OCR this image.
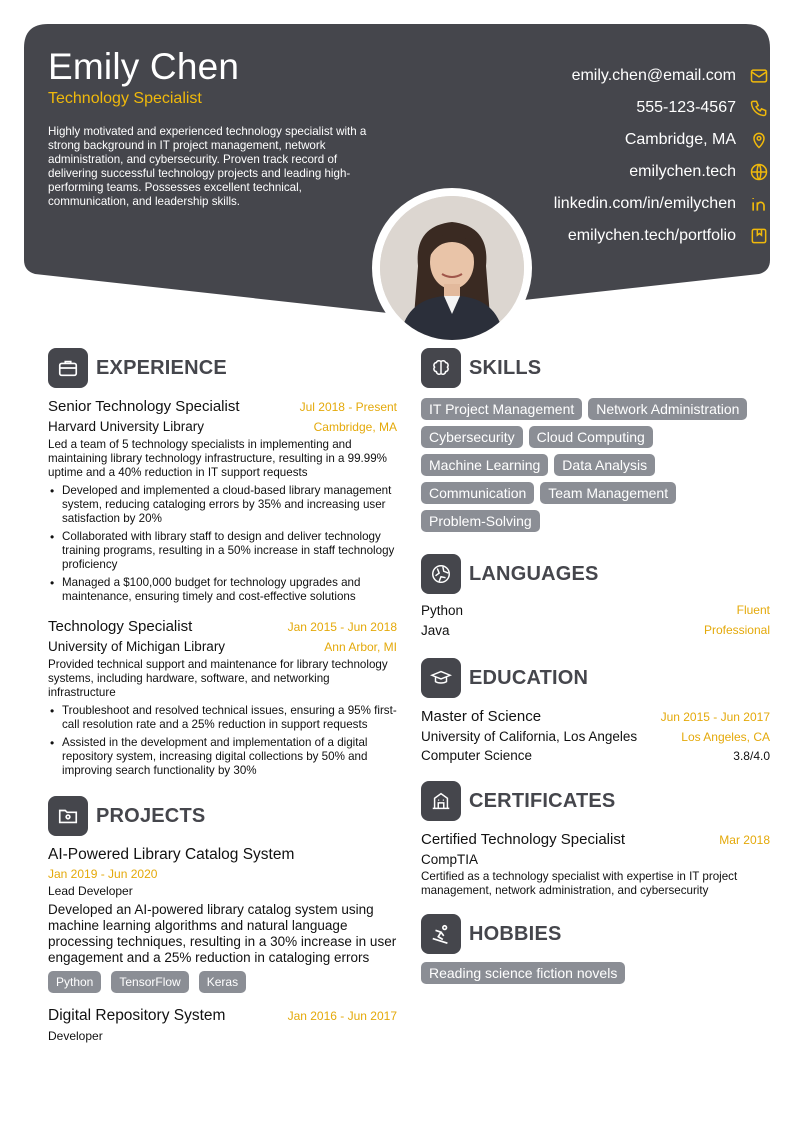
Emily Chen
Technology Specialist
Highly motivated and experienced technology specialist with a strong background in IT project management, network administration, and cybersecurity. Proven track record of delivering successful technology projects and leading high-performing teams. Possesses excellent technical, communication, and leadership skills.
emily.chen@email.com
555-123-4567
Cambridge, MA
emilychen.tech
linkedin.com/in/emilychen
emilychen.tech/portfolio
EXPERIENCE
Senior Technology Specialist	Jul 2018 - Present
Harvard University Library	Cambridge, MA
Led a team of 5 technology specialists in implementing and maintaining library technology infrastructure, resulting in a 99.99% uptime and a 40% reduction in IT support requests
• Developed and implemented a cloud-based library management system, reducing cataloging errors by 35% and increasing user satisfaction by 20%
• Collaborated with library staff to design and deliver technology training programs, resulting in a 50% increase in staff technology proficiency
• Managed a $100,000 budget for technology upgrades and maintenance, ensuring timely and cost-effective solutions
Technology Specialist	Jan 2015 - Jun 2018
University of Michigan Library	Ann Arbor, MI
Provided technical support and maintenance for library technology systems, including hardware, software, and networking infrastructure
• Troubleshoot and resolved technical issues, ensuring a 95% first-call resolution rate and a 25% reduction in support requests
• Assisted in the development and implementation of a digital repository system, increasing digital collections by 50% and improving search functionality by 30%
PROJECTS
AI-Powered Library Catalog System
Jan 2019 - Jun 2020
Lead Developer
Developed an AI-powered library catalog system using machine learning algorithms and natural language processing techniques, resulting in a 30% increase in user engagement and a 25% reduction in cataloging errors
Python	TensorFlow	Keras
Digital Repository System	Jan 2016 - Jun 2017
Developer
SKILLS
IT Project Management	Network Administration
Cybersecurity	Cloud Computing
Machine Learning	Data Analysis
Communication	Team Management
Problem-Solving
LANGUAGES
Python	Fluent
Java	Professional
EDUCATION
Master of Science	Jun 2015 - Jun 2017
University of California, Los Angeles	Los Angeles, CA
Computer Science	3.8/4.0
CERTIFICATES
Certified Technology Specialist	Mar 2018
CompTIA
Certified as a technology specialist with expertise in IT project management, network administration, and cybersecurity
HOBBIES
Reading science fiction novels
